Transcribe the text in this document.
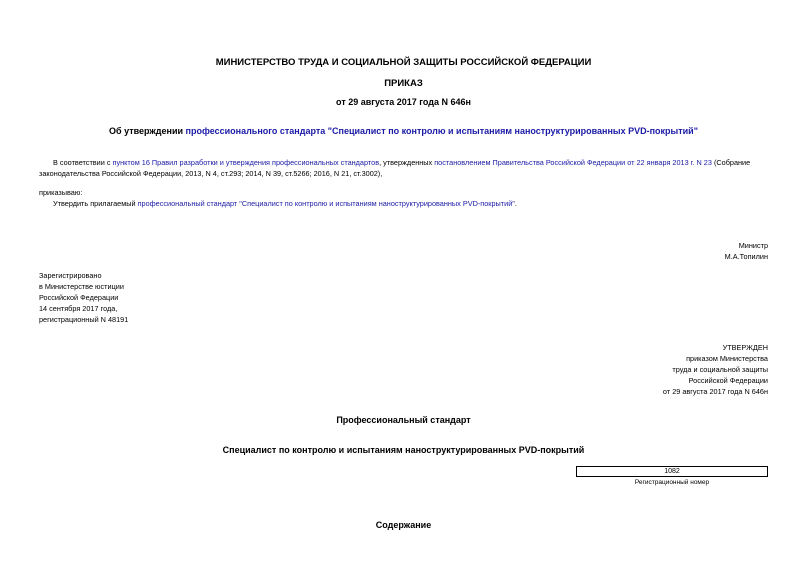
МИНИСТЕРСТВО ТРУДА И СОЦИАЛЬНОЙ ЗАЩИТЫ РОССИЙСКОЙ ФЕДЕРАЦИИ
ПРИКАЗ
от 29 августа 2017 года N 646н
Об утверждении профессионального стандарта "Специалист по контролю и испытаниям наноструктурированных PVD-покрытий"
В соответствии с пунктом 16 Правил разработки и утверждения профессиональных стандартов, утвержденных постановлением Правительства Российской Федерации от 22 января 2013 г. N 23 (Собрание
законодательства Российской Федерации, 2013, N 4, ст.293; 2014, N 39, ст.5266; 2016, N 21, ст.3002),
приказываю:
Утвердить прилагаемый профессиональный стандарт "Специалист по контролю и испытаниям наноструктурированных PVD-покрытий".
Министр
М.А.Топилин
Зарегистрировано
в Министерстве юстиции
Российской Федерации
14 сентября 2017 года,
регистрационный N 48191
УТВЕРЖДЕН
приказом Министерства
труда и социальной защиты
Российской Федерации
от 29 августа 2017 года N 646н
Профессиональный стандарт
Специалист по контролю и испытаниям наноструктурированных PVD-покрытий
1082
Регистрационный номер
Содержание
